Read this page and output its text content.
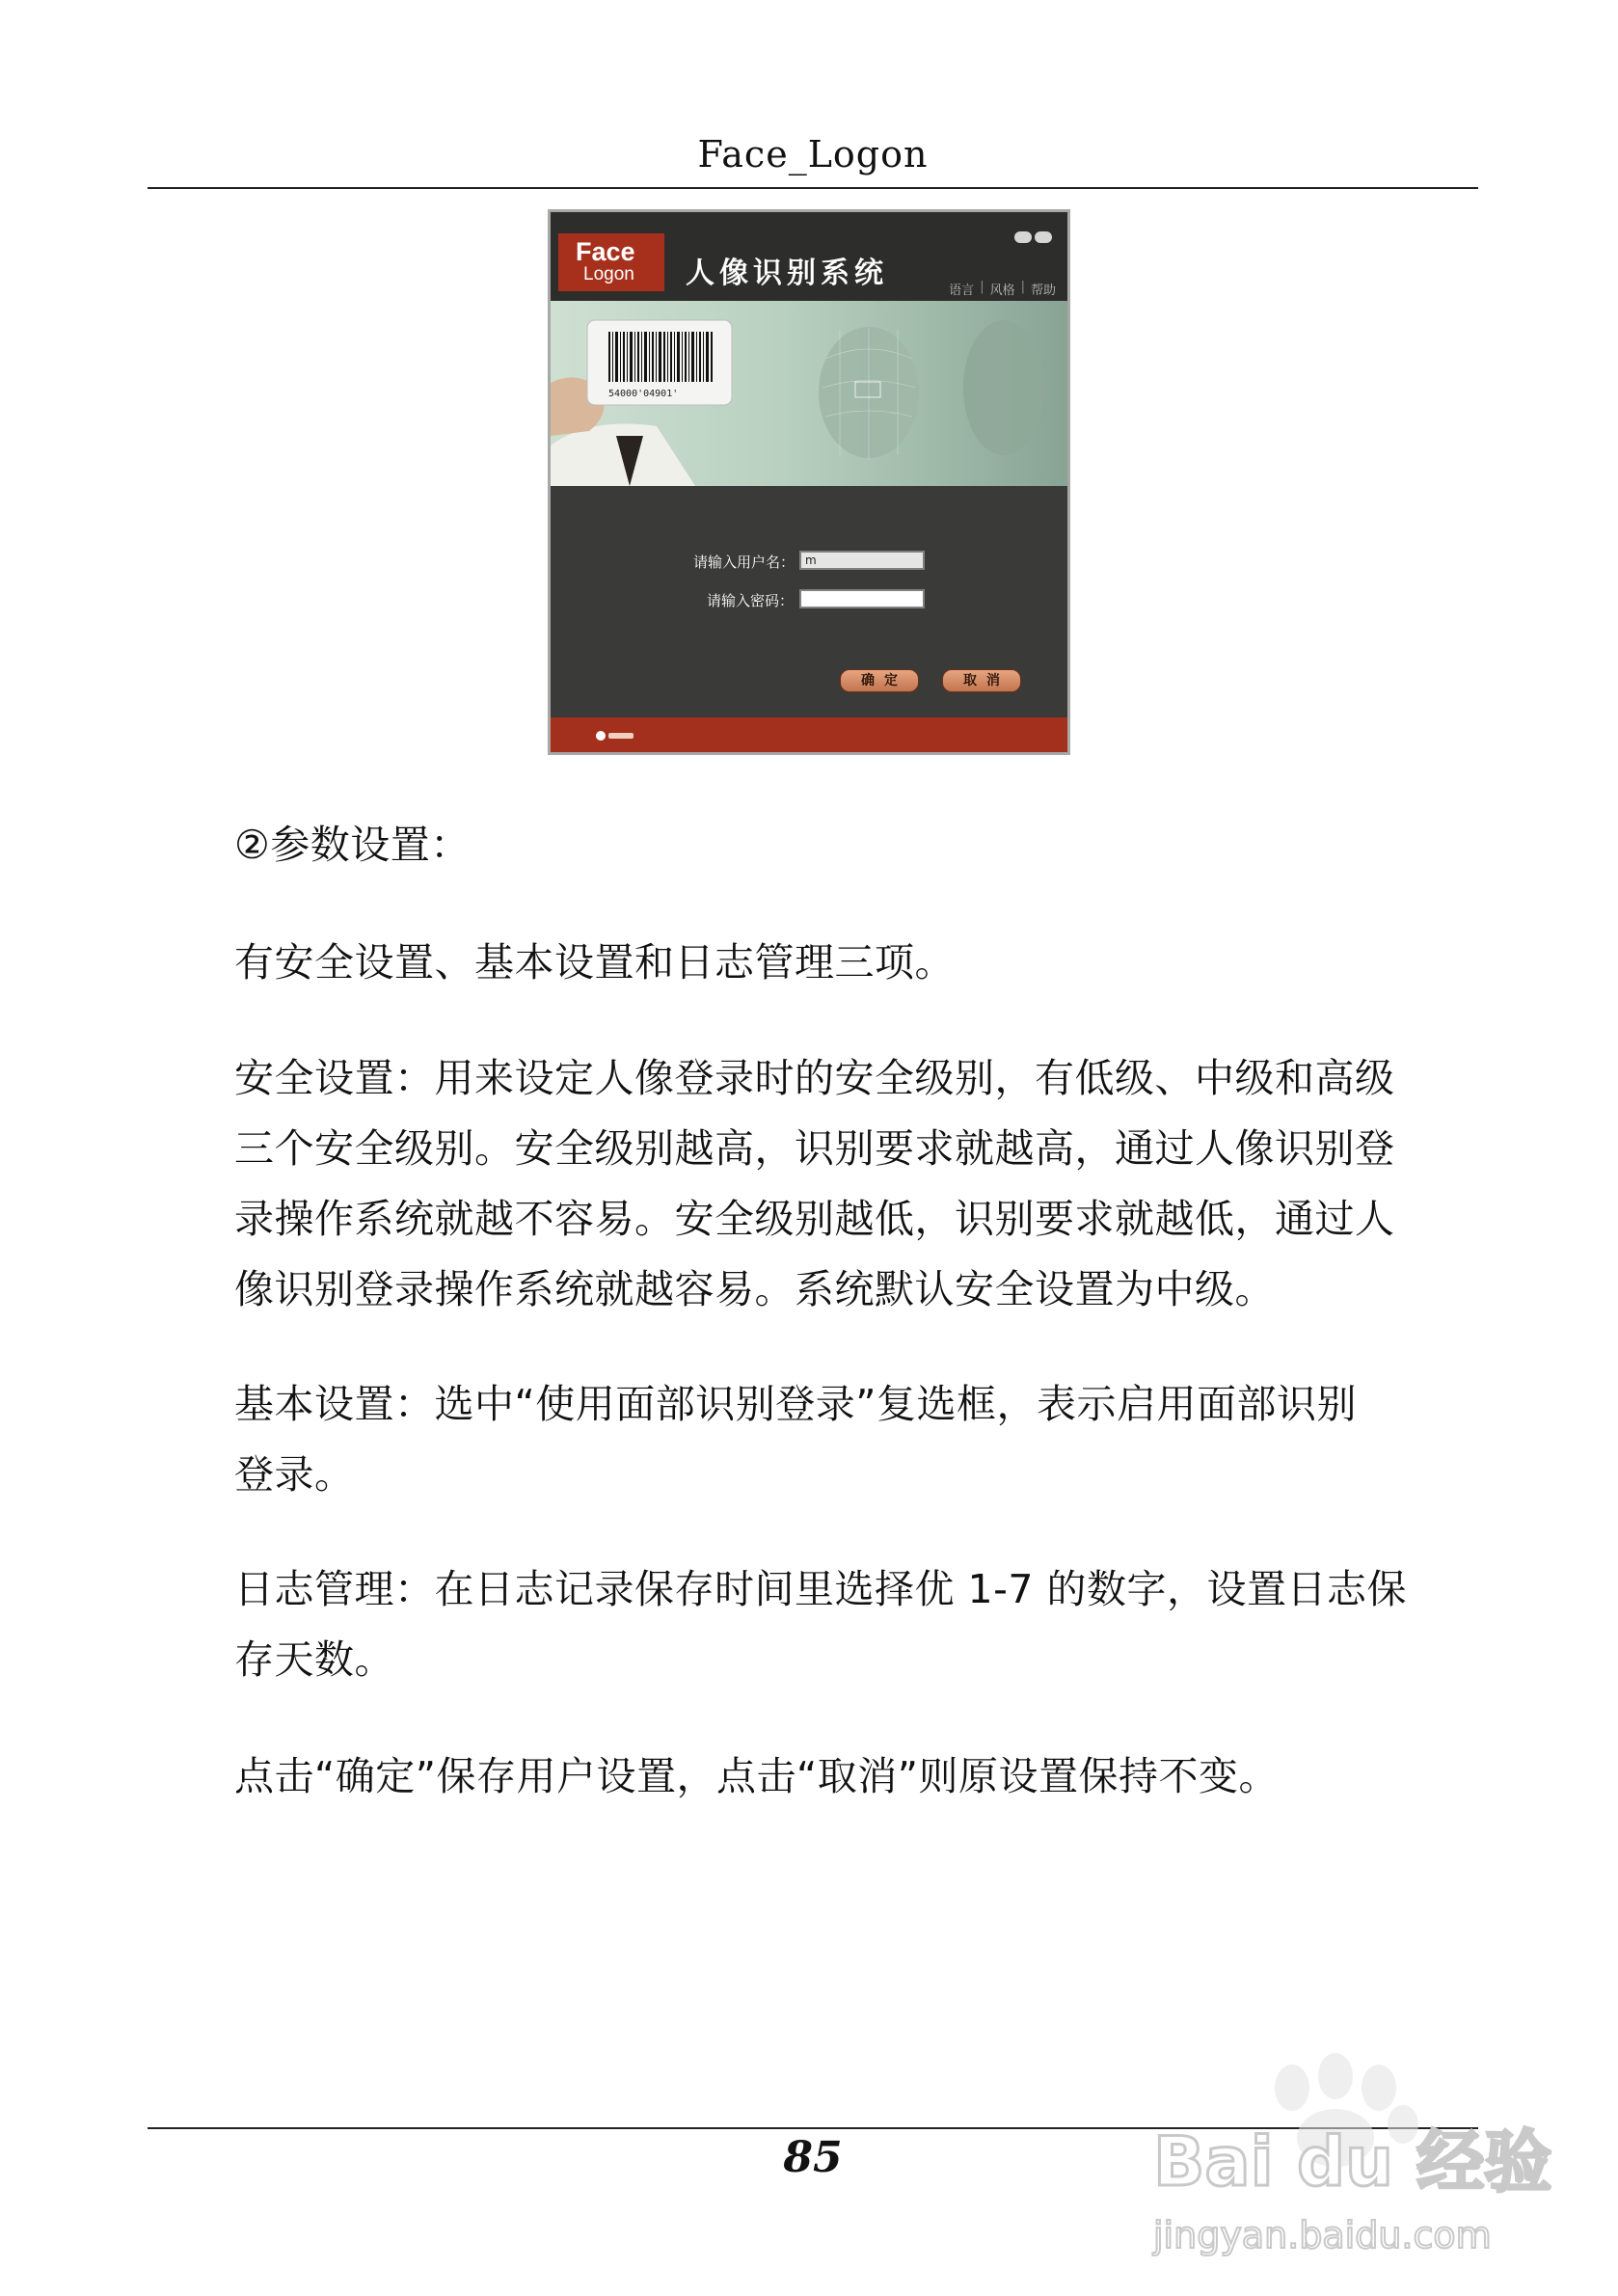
Face_Logon
Face
Logon 人像识别系统
语言 | 风格 | 帮助
54000'04901'
请输入用户名： m
请输入密码：
确定	取消
②参数设置：
有安全设置、基本设置和日志管理三项。
安全设置：用来设定人像登录时的安全级别，有低级、中级和高级
三个安全级别。安全级别越高，识别要求就越高，通过人像识别登
录操作系统就越不容易。安全级别越低，识别要求就越低，通过人
像识别登录操作系统就越容易。系统默认安全设置为中级。
基本设置：选中“使用面部识别登录”复选框，表示启用面部识别
登录。
日志管理：在日志记录保存时间里选择优 1-7 的数字，设置日志保
存天数。
点击“确定”保存用户设置，点击“取消”则原设置保持不变。
85	Bai du 经验
jingyan.baidu.com
